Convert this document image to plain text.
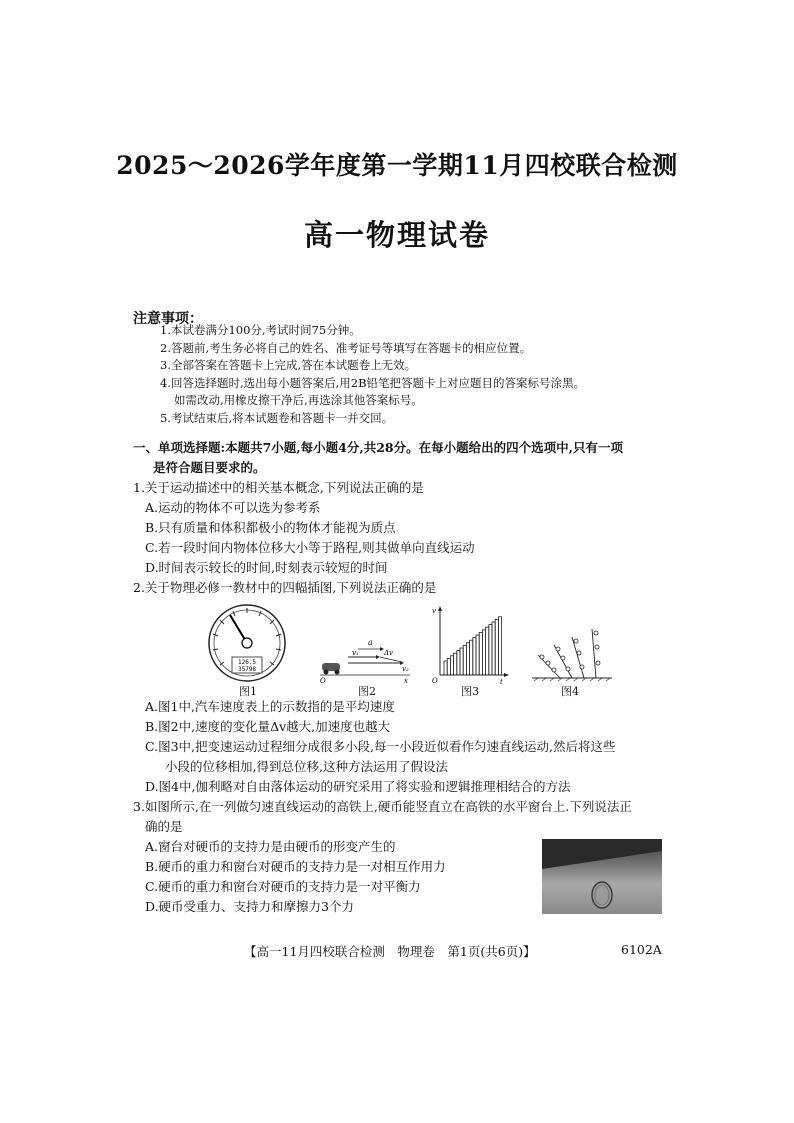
2025～2026学年度第一学期11月四校联合检测
高一物理试卷
注意事项：
1.本试卷满分100分,考试时间75分钟。
2.答题前,考生务必将自己的姓名、准考证号等填写在答题卡的相应位置。
3.全部答案在答题卡上完成,答在本试题卷上无效。
4.回答选择题时,选出每小题答案后,用2B铅笔把答题卡上对应题目的答案标号涂黑。
如需改动,用橡皮擦干净后,再选涂其他答案标号。
5.考试结束后,将本试题卷和答题卡一并交回。
一、单项选择题:本题共7小题,每小题4分,共28分。在每小题给出的四个选项中,只有一项
是符合题目要求的。
1.关于运动描述中的相关基本概念,下列说法正确的是
A.运动的物体不可以选为参考系
B.只有质量和体积都极小的物体才能视为质点
C.若一段时间内物体位移大小等于路程,则其做单向直线运动
D.时间表示较长的时间,时刻表示较短的时间
2.关于物理必修一教材中的四幅插图,下列说法正确的是
126.5
35798
图1
a
v₁
v₂
Δv
O	x
图2
O
v
t
图3	图4
A.图1中,汽车速度表上的示数指的是平均速度
B.图2中,速度的变化量Δv越大,加速度也越大
C.图3中,把变速运动过程细分成很多小段,每一小段近似看作匀速直线运动,然后将这些
小段的位移相加,得到总位移,这种方法运用了假设法
D.图4中,伽利略对自由落体运动的研究采用了将实验和逻辑推理相结合的方法
3.如图所示,在一列做匀速直线运动的高铁上,硬币能竖直立在高铁的水平窗台上.下列说法正
确的是
A.窗台对硬币的支持力是由硬币的形变产生的
B.硬币的重力和窗台对硬币的支持力是一对相互作用力
C.硬币的重力和窗台对硬币的支持力是一对平衡力
D.硬币受重力、支持力和摩擦力3个力
【高一11月四校联合检测　物理卷　第1页(共6页)】	6102A
